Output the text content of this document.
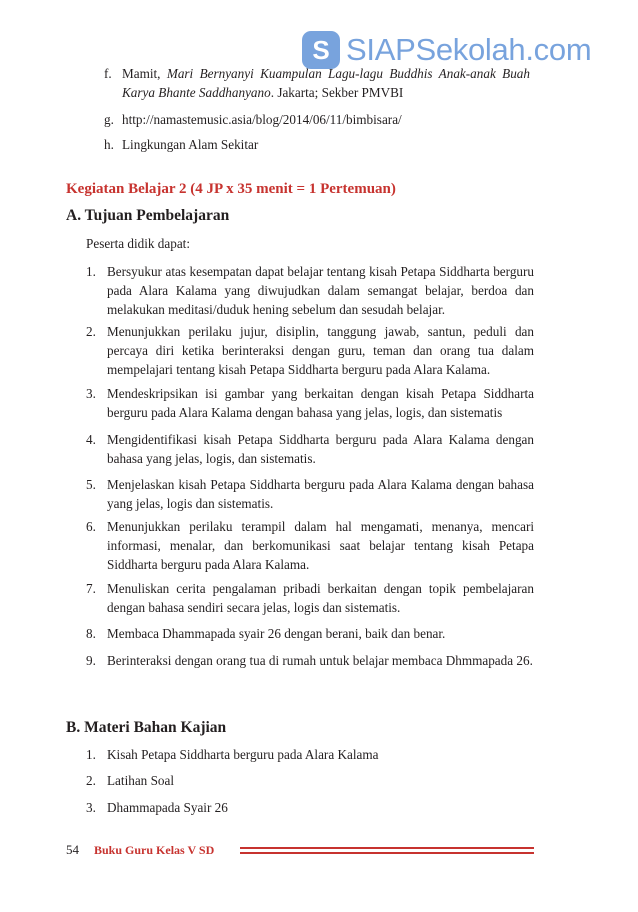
S SIAPSekolah.com
f. Mamit, Mari Bernyanyi Kuampulan Lagu-lagu Buddhis Anak-anak Buah Karya Bhante Saddhanyano. Jakarta; Sekber PMVBI
g. http://namastemusic.asia/blog/2014/06/11/bimbisara/
h. Lingkungan Alam Sekitar
Kegiatan Belajar 2 (4 JP x 35 menit = 1 Pertemuan)
A. Tujuan Pembelajaran
Peserta didik dapat:
1. Bersyukur atas kesempatan dapat belajar tentang kisah Petapa Siddharta berguru pada Alara Kalama yang diwujudkan dalam semangat belajar, berdoa dan melakukan meditasi/duduk hening sebelum dan sesudah belajar.
2. Menunjukkan perilaku jujur, disiplin, tanggung jawab, santun, peduli dan percaya diri ketika berinteraksi dengan guru, teman dan orang tua dalam mempelajari tentang kisah Petapa Siddharta berguru pada Alara Kalama.
3. Mendeskripsikan isi gambar yang berkaitan dengan kisah Petapa Siddharta berguru pada Alara Kalama dengan bahasa yang jelas, logis, dan sistematis
4. Mengidentifikasi kisah Petapa Siddharta berguru pada Alara Kalama dengan bahasa yang jelas, logis, dan sistematis.
5. Menjelaskan kisah Petapa Siddharta berguru pada Alara Kalama dengan bahasa yang jelas, logis dan sistematis.
6. Menunjukkan perilaku terampil dalam hal mengamati, menanya, mencari informasi, menalar, dan berkomunikasi saat belajar tentang kisah Petapa Siddharta berguru pada Alara Kalama.
7. Menuliskan cerita pengalaman pribadi berkaitan dengan topik pembelajaran dengan bahasa sendiri secara jelas, logis dan sistematis.
8. Membaca Dhammapada syair 26 dengan berani, baik dan benar.
9. Berinteraksi dengan orang tua di rumah untuk belajar membaca Dhmmapada 26.
B. Materi Bahan Kajian
1. Kisah Petapa Siddharta berguru pada Alara Kalama
2. Latihan Soal
3. Dhammapada Syair 26
54 Buku Guru Kelas V SD
